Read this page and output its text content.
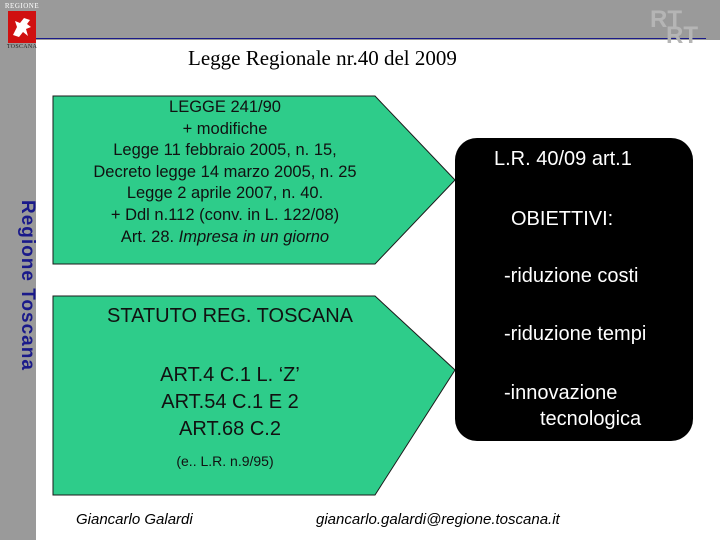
REGIONE
TOSCANA
RT
RT
Regione Toscana
Legge Regionale nr.40 del 2009
LEGGE 241/90
+ modifiche
Legge 11 febbraio 2005, n. 15,
Decreto legge 14 marzo 2005, n. 25
Legge 2 aprile 2007, n. 40.
+ Ddl n.112 (conv. in L. 122/08)
Art. 28. Impresa in un giorno
STATUTO REG. TOSCANA
ART.4 C.1 L. ‘Z’
ART.54 C.1 E 2
ART.68 C.2
(e.. L.R. n.9/95)
L.R. 40/09 art.1
OBIETTIVI:
-riduzione costi
-riduzione tempi
-innovazione
tecnologica
Giancarlo Galardi	giancarlo.galardi@regione.toscana.it
